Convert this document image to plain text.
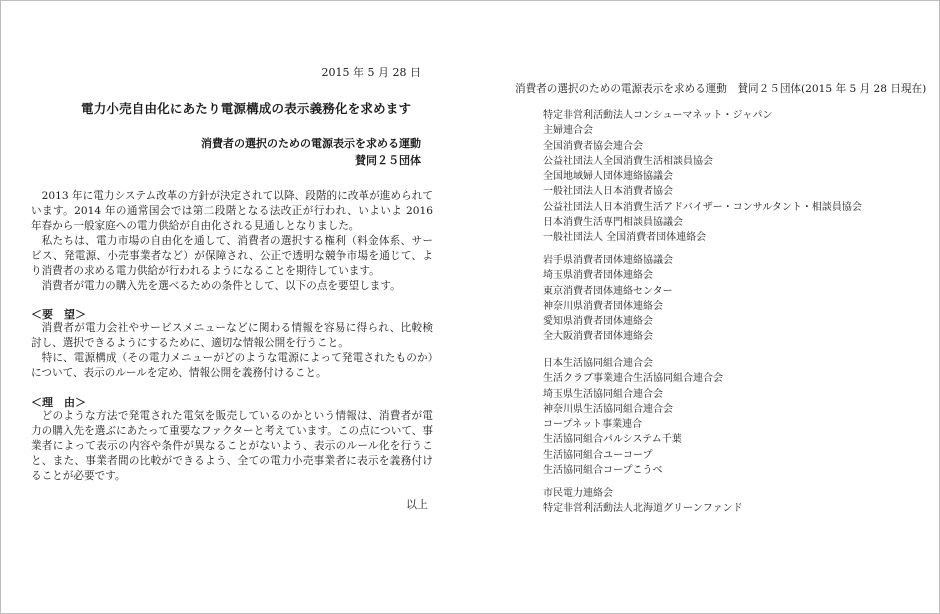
2015 年 5 月 28 日
電力小売自由化にあたり電源構成の表示義務化を求めます
消費者の選択のための電源表示を求める運動
賛同２５団体

2013 年に電力システム改革の方針が決定されて以降、段階的に改革が進められています。2014 年の通常国会では第二段階となる法改正が行われ、いよいよ 2016 年春から一般家庭への電力供給が自由化される見通しとなりました。

私たちは、電力市場の自由化を通して、消費者の選択する権利（料金体系、サービス、発電源、小売事業者など）が保障され、公正で透明な競争市場を通じて、より消費者の求める電力供給が行われるようになることを期待しています。

消費者が電力の購入先を選べるための条件として、以下の点を要望します。

＜要　望＞

消費者が電力会社やサービスメニューなどに関わる情報を容易に得られ、比較検討し、選択できるようにするために、適切な情報公開を行うこと。

特に、電源構成（その電力メニューがどのような電源によって発電されたものか）について、表示のルールを定め、情報公開を義務付けること。

＜理　由＞

どのような方法で発電された電気を販売しているのかという情報は、消費者が電力の購入先を選ぶにあたって重要なファクターと考えています。この点について、事業者によって表示の内容や条件が異なることがないよう、表示のルール化を行うこと、また、事業者間の比較ができるよう、全ての電力小売事業者に表示を義務付けることが必要です。

以上
消費者の選択のための電源表示を求める運動　賛同２５団体(2015 年 5 月 28 日現在)
特定非営利活動法人コンシューマネット・ジャパン
主婦連合会
全国消費者協会連合会
公益社団法人全国消費生活相談員協会
全国地域婦人団体連絡協議会
一般社団法人日本消費者協会
公益社団法人日本消費生活アドバイザー・コンサルタント・相談員協会
日本消費生活専門相談員協議会
一般社団法人 全国消費者団体連絡会
岩手県消費者団体連絡協議会
埼玉県消費者団体連絡会
東京消費者団体連絡センター
神奈川県消費者団体連絡会
愛知県消費者団体連絡会
全大阪消費者団体連絡会
日本生活協同組合連合会
生活クラブ事業連合生活協同組合連合会
埼玉県生活協同組合連合会
神奈川県生活協同組合連合会
コープネット事業連合
生活協同組合パルシステム千葉
生活協同組合ユーコープ
生活協同組合コープこうべ
市民電力連絡会
特定非営利活動法人北海道グリーンファンド
